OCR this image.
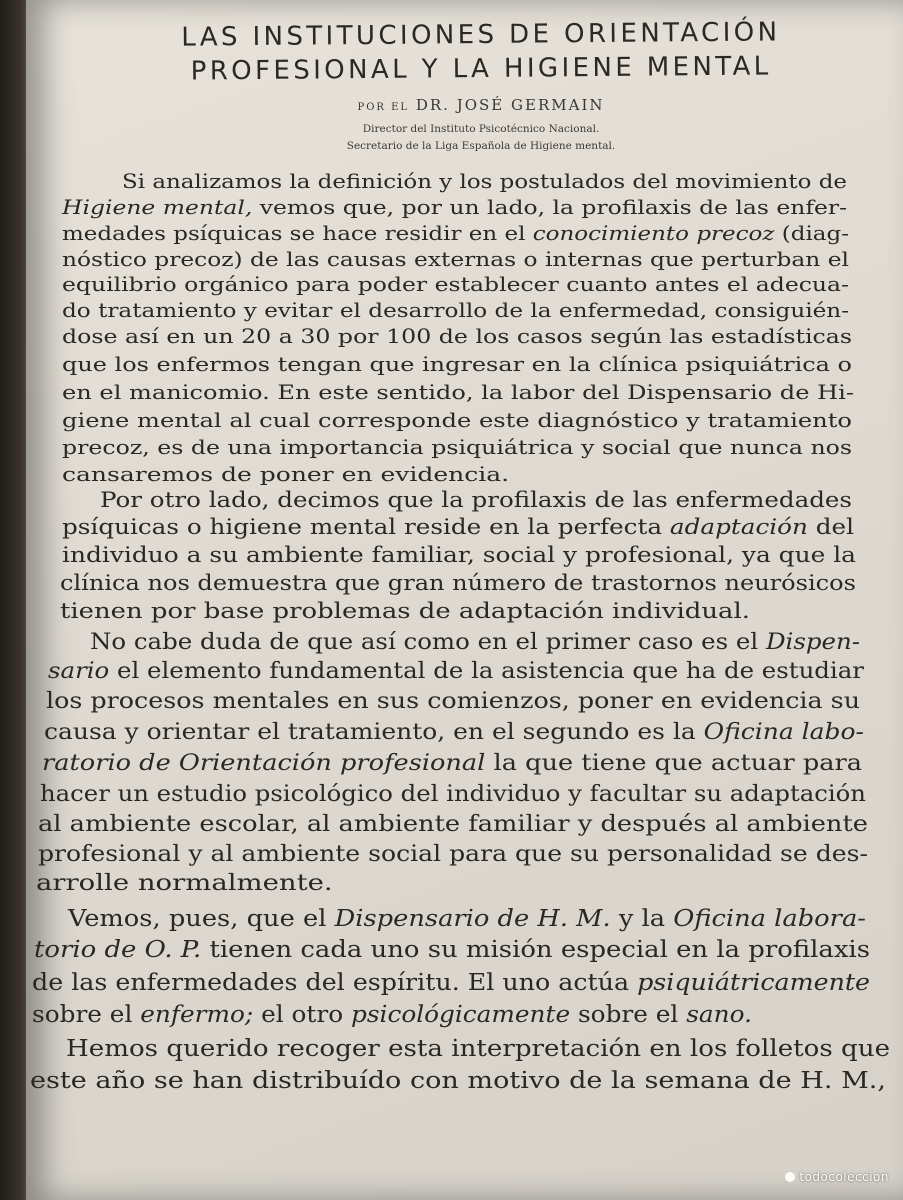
LAS INSTITUCIONES DE ORIENTACIÓN
PROFESIONAL Y LA HIGIENE MENTAL
POR EL DR. JOSÉ GERMAIN
Director del Instituto Psicotécnico Nacional.
Secretario de la Liga Española de Higiene mental.
Si analizamos la definición y los postulados del movimiento de
Higiene mental, vemos que, por un lado, la profilaxis de las enfer-
medades psíquicas se hace residir en el conocimiento precoz (diag-
nóstico precoz) de las causas externas o internas que perturban el
equilibrio orgánico para poder establecer cuanto antes el adecua-
do tratamiento y evitar el desarrollo de la enfermedad, consiguién-
dose así en un 20 a 30 por 100 de los casos según las estadísticas
que los enfermos tengan que ingresar en la clínica psiquiátrica o
en el manicomio. En este sentido, la labor del Dispensario de Hi-
giene mental al cual corresponde este diagnóstico y tratamiento
precoz, es de una importancia psiquiátrica y social que nunca nos
cansaremos de poner en evidencia.
Por otro lado, decimos que la profilaxis de las enfermedades
psíquicas o higiene mental reside en la perfecta adaptación del
individuo a su ambiente familiar, social y profesional, ya que la
clínica nos demuestra que gran número de trastornos neurósicos
tienen por base problemas de adaptación individual.
No cabe duda de que así como en el primer caso es el Dispen-
sario el elemento fundamental de la asistencia que ha de estudiar
los procesos mentales en sus comienzos, poner en evidencia su
causa y orientar el tratamiento, en el segundo es la Oficina labo-
ratorio de Orientación profesional la que tiene que actuar para
hacer un estudio psicológico del individuo y facultar su adaptación
al ambiente escolar, al ambiente familiar y después al ambiente
profesional y al ambiente social para que su personalidad se des-
arrolle normalmente.
Vemos, pues, que el Dispensario de H. M. y la Oficina labora-
torio de O. P. tienen cada uno su misión especial en la profilaxis
de las enfermedades del espíritu. El uno actúa psiquiátricamente
sobre el enfermo; el otro psicológicamente sobre el sano.
Hemos querido recoger esta interpretación en los folletos que
este año se han distribuído con motivo de la semana de H. M.,
todocoleccion
